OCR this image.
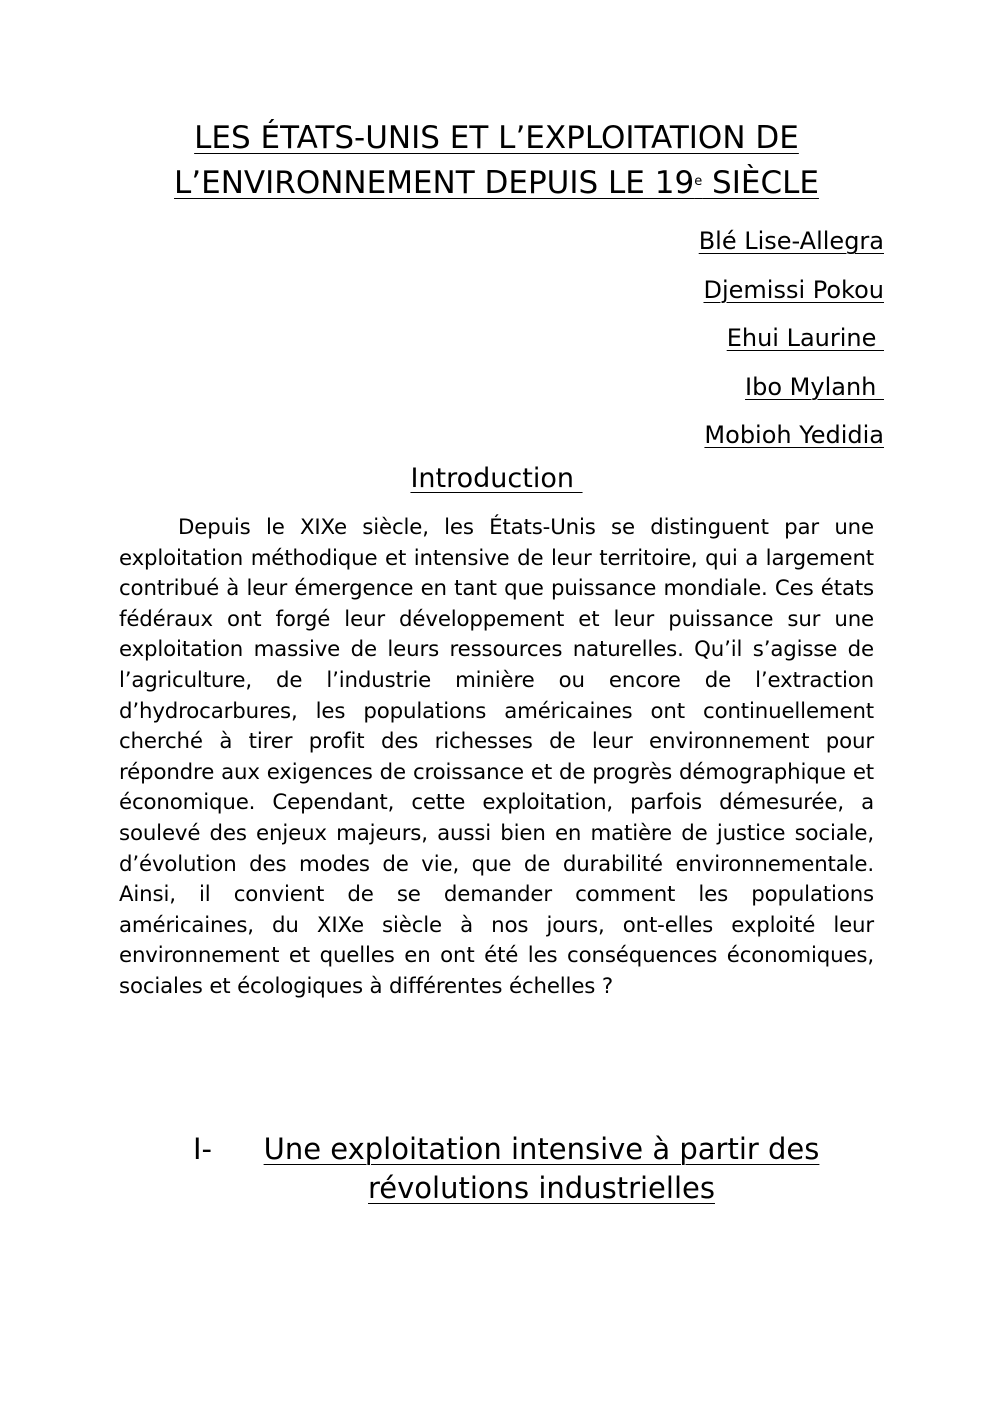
LES ÉTATS-UNIS ET L’EXPLOITATION DE
L’ENVIRONNEMENT DEPUIS LE 19e SIÈCLE
Blé Lise-Allegra
Djemissi Pokou
Ehui Laurine
Ibo Mylanh
Mobioh Yedidia
Introduction

Depuis le XIXe siècle, les États-Unis se distinguent par une exploitation méthodique et intensive de leur territoire, qui a largement contribué à leur émergence en tant que puissance mondiale. Ces états fédéraux ont forgé leur développement et leur puissance sur une exploitation massive de leurs ressources naturelles. Qu’il s’agisse de l’agriculture, de l’industrie minière ou encore de l’extraction d’hydrocarbures, les populations américaines ont continuellement cherché à tirer profit des richesses de leur environnement pour répondre aux exigences de croissance et de progrès démographique et économique. Cependant, cette exploitation, parfois démesurée, a soulevé des enjeux majeurs, aussi bien en matière de justice sociale, d’évolution des modes de vie, que de durabilité environnementale. Ainsi, il convient de se demander comment les populations américaines, du XIXe siècle à nos jours, ont-elles exploité leur environnement et quelles en ont été les conséquences économiques, sociales et écologiques à différentes échelles ?

I-	Une exploitation intensive à partir des révolutions industrielles
